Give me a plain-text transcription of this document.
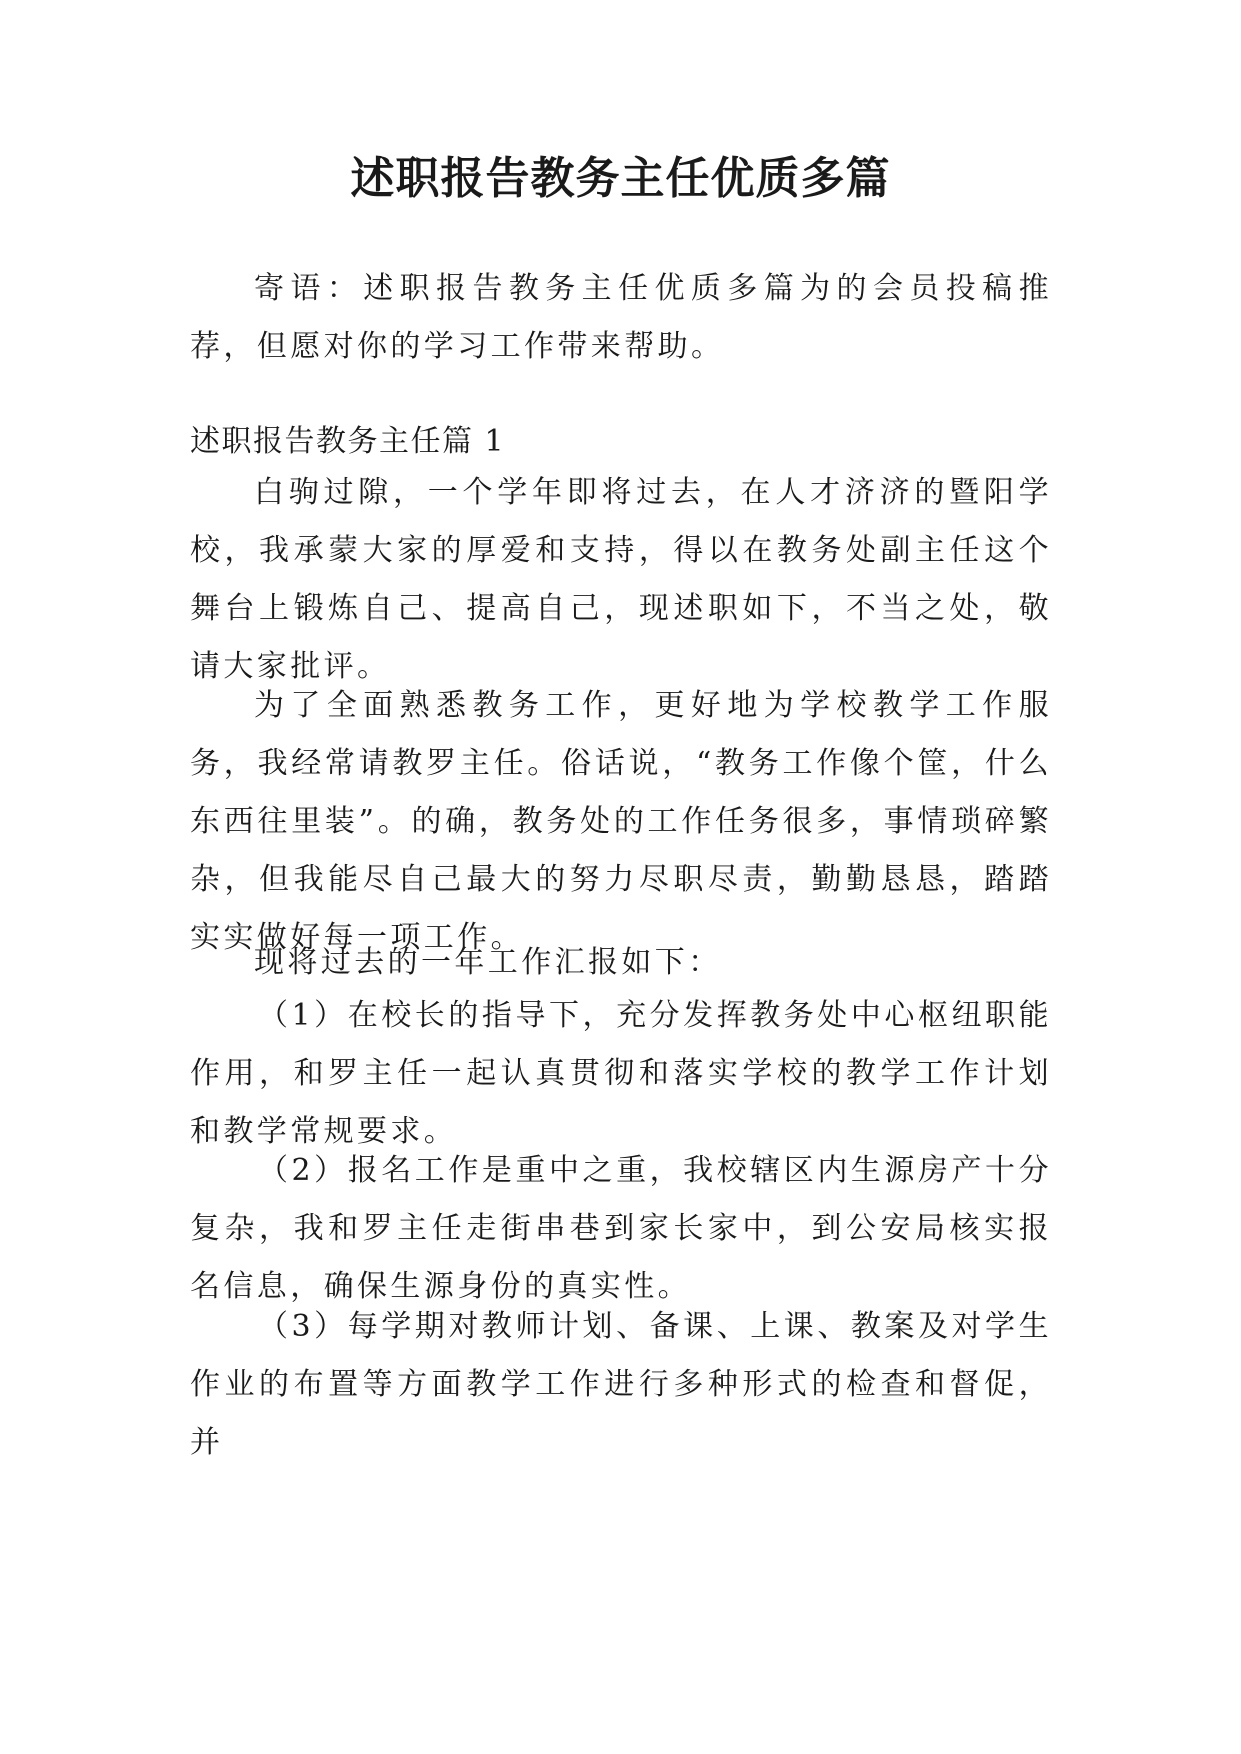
述职报告教务主任优质多篇

寄语：述职报告教务主任优质多篇为的会员投稿推荐，但愿对你的学习工作带来帮助。

述职报告教务主任篇 1

白驹过隙，一个学年即将过去，在人才济济的暨阳学校，我承蒙大家的厚爱和支持，得以在教务处副主任这个舞台上锻炼自己、提高自己，现述职如下，不当之处，敬请大家批评。

为了全面熟悉教务工作，更好地为学校教学工作服务，我经常请教罗主任。俗话说，“教务工作像个筐，什么东西往里装”。的确，教务处的工作任务很多，事情琐碎繁杂，但我能尽自己最大的努力尽职尽责，勤勤恳恳，踏踏实实做好每一项工作。

现将过去的一年工作汇报如下：

（1）在校长的指导下，充分发挥教务处中心枢纽职能作用，和罗主任一起认真贯彻和落实学校的教学工作计划和教学常规要求。

（2）报名工作是重中之重，我校辖区内生源房产十分复杂，我和罗主任走街串巷到家长家中，到公安局核实报名信息，确保生源身份的真实性。

（3）每学期对教师计划、备课、上课、教案及对学生作业的布置等方面教学工作进行多种形式的检查和督促，并
